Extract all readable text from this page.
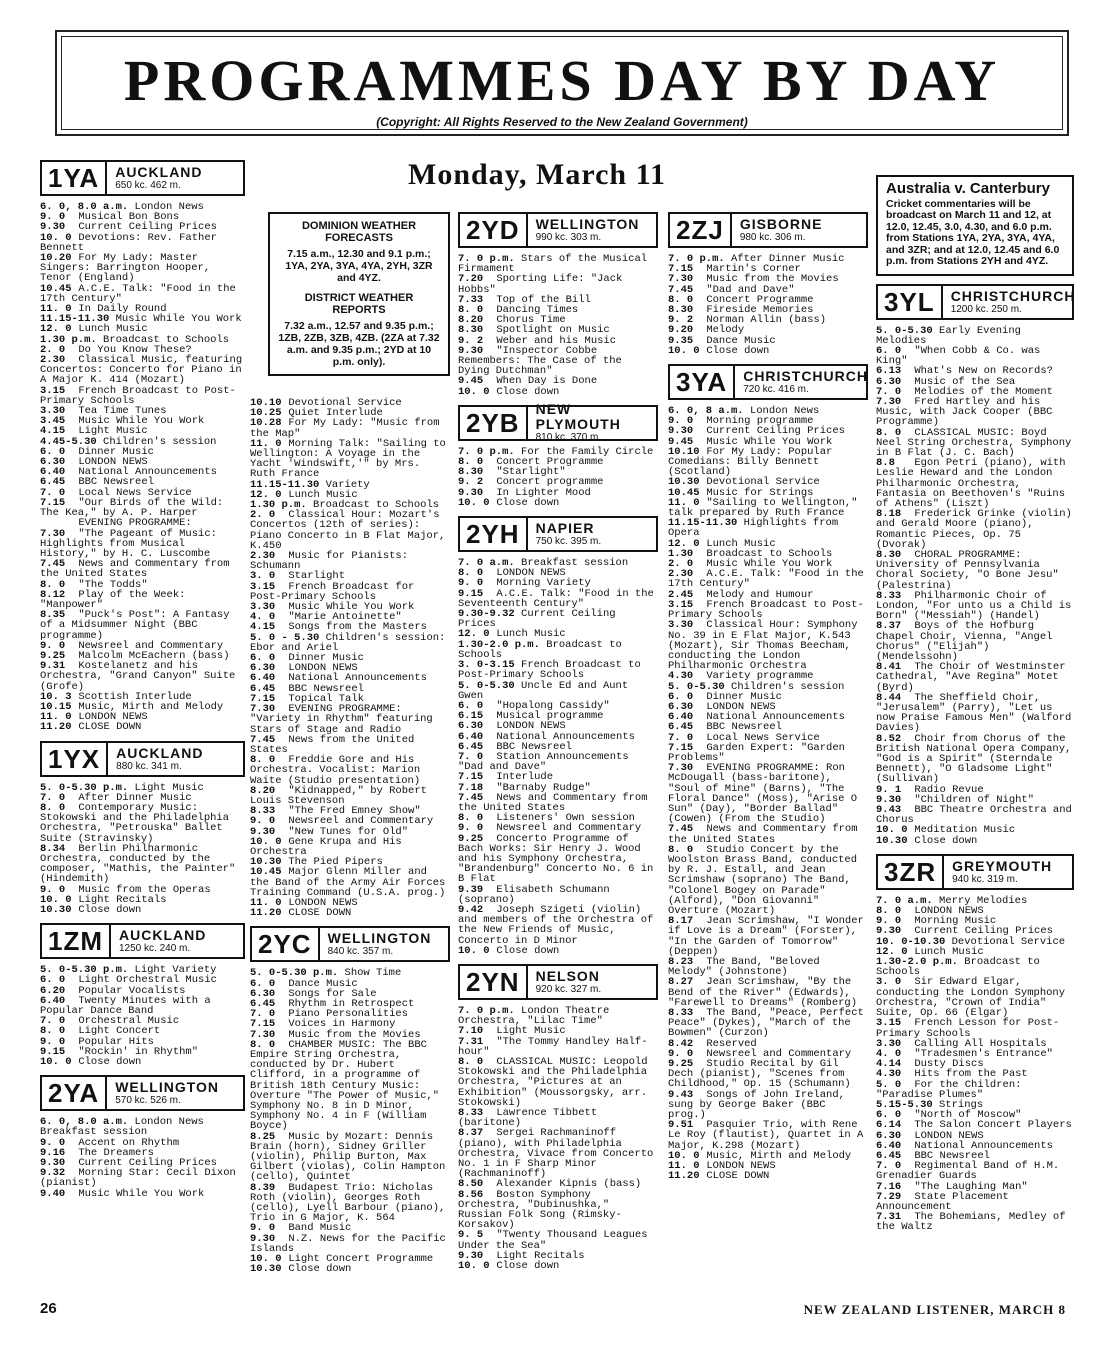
PROGRAMMES DAY BY DAY
(Copyright: All Rights Reserved to the New Zealand Government)
Monday, March 11
1YA	AUCKLAND
650 kc. 462 m.
6. 0, 8.0 a.m. London News
9. 0 Musical Bon Bons
9.30 Current Ceiling Prices
10. 0 Devotions: Rev. Father Bennett
10.20 For My Lady: Master Singers: Barrington Hooper, Tenor (England)
10.45 A.C.E. Talk: "Food in the 17th Century"
11. 0 In Daily Round
11.15-11.30 Music While You Work
12. 0 Lunch Music
1.30 p.m. Broadcast to Schools
2. 0 Do You Know These?
2.30 Classical Music, featuring Concertos: Concerto for Piano in A Major K. 414 (Mozart)
3.15 French Broadcast to Post-Primary Schools
3.30 Tea Time Tunes
3.45 Music While You Work
4.15 Light Music
4.45-5.30 Children's session
6. 0 Dinner Music
6.30 LONDON NEWS
6.40 National Announcements
6.45 BBC Newsreel
7. 0 Local News Service
7.15 "Our Birds of the Wild: The Kea," by A. P. Harper
EVENING PROGRAMME:
7.30 "The Pageant of Music: Highlights from Musical History," by H. C. Luscombe
7.45 News and Commentary from the United States
8. 0 "The Todds"
8.12 Play of the Week: "Manpower"
8.35 "Puck's Post": A Fantasy of a Midsummer Night (BBC programme)
9. 0 Newsreel and Commentary
9.25 Malcolm McEachern (bass)
9.31 Kostelanetz and his Orchestra, "Grand Canyon" Suite (Grofe)
10. 3 Scottish Interlude
10.15 Music, Mirth and Melody
11. 0 LONDON NEWS
11.20 CLOSE DOWN
1YX	AUCKLAND
880 kc. 341 m.
5. 0-5.30 p.m. Light Music
7. 0 After Dinner Music
8. 0 Contemporary Music: Stokowski and the Philadelphia Orchestra, "Petrouska" Ballet Suite (Stravinsky)
8.34 Berlin Philharmonic Orchestra, conducted by the composer, "Mathis, the Painter" (Hindemith)
9. 0 Music from the Operas
10. 0 Light Recitals
10.30 Close down
1ZM	AUCKLAND
1250 kc. 240 m.
5. 0-5.30 p.m. Light Variety
6. 0 Light Orchestral Music
6.20 Popular Vocalists
6.40 Twenty Minutes with a Popular Dance Band
7. 0 Orchestral Music
8. 0 Light Concert
9. 0 Popular Hits
9.15 "Rockin' in Rhythm"
10. 0 Close down
2YA	WELLINGTON
570 kc. 526 m.
6. 0, 8.0 a.m. London News Breakfast session
9. 0 Accent on Rhythm
9.16 The Dreamers
9.30 Current Ceiling Prices
9.32 Morning Star: Cecil Dixon (pianist)
9.40 Music While You Work
DOMINION WEATHER FORECASTS
7.15 a.m., 12.30 and 9.1 p.m.; 1YA, 2YA, 3YA, 4YA, 2YH, 3ZR and 4YZ.
DISTRICT WEATHER REPORTS
7.32 a.m., 12.57 and 9.35 p.m.; 1ZB, 2ZB, 3ZB, 4ZB. (2ZA at 7.32 a.m. and 9.35 p.m.; 2YD at 10 p.m. only).
10.10 Devotional Service
10.25 Quiet Interlude
10.28 For My Lady: "Music from the Map"
11. 0 Morning Talk: "Sailing to Wellington: A Voyage in the Yacht 'Windswift,'" by Mrs. Ruth France
11.15-11.30 Variety
12. 0 Lunch Music
1.30 p.m. Broadcast to Schools
2. 0 Classical Hour: Mozart's Concertos (12th of series): Piano Concerto in B Flat Major, K.450
2.30 Music for Pianists: Schumann
3. 0 Starlight
3.15 French Broadcast for Post-Primary Schools
3.30 Music While You Work
4. 0 "Marie Antoinette"
4.15 Songs from the Masters
5. 0 - 5.30 Children's session: Ebor and Ariel
6. 0 Dinner Music
6.30 LONDON NEWS
6.40 National Announcements
6.45 BBC Newsreel
7.15 Topical Talk
7.30 EVENING PROGRAMME: "Variety in Rhythm" featuring Stars of Stage and Radio
7.45 News from the United States
8. 0 Freddie Gore and His Orchestra. Vocalist: Marion Waite (Studio presentation)
8.20 "Kidnapped," by Robert Louis Stevenson
8.33 "The Fred Emney Show"
9. 0 Newsreel and Commentary
9.30 "New Tunes for Old"
10. 0 Gene Krupa and His Orchestra
10.30 The Pied Pipers
10.45 Major Glenn Miller and the Band of the Army Air Forces Training Command (U.S.A. prog.)
11. 0 LONDON NEWS
11.20 CLOSE DOWN
2YC	WELLINGTON
840 kc. 357 m.
5. 0-5.30 p.m. Show Time
6. 0 Dance Music
6.30 Songs for Sale
6.45 Rhythm in Retrospect
7. 0 Piano Personalities
7.15 Voices in Harmony
7.30 Music from the Movies
8. 0 CHAMBER MUSIC: The BBC Empire String Orchestra, conducted by Dr. Hubert Clifford, in a programme of British 18th Century Music: Overture "The Power of Music," Symphony No. 8 in D Minor, Symphony No. 4 in F (William Boyce)
8.25 Music by Mozart: Dennis Brain (horn), Sidney Griller (violin), Philip Burton, Max Gilbert (violas), Colin Hampton (cello), Quintet
8.39 Budapest Trio: Nicholas Roth (violin), Georges Roth (cello), Lyell Barbour (piano), Trio in G Major, K. 564
9. 0 Band Music
9.30 N.Z. News for the Pacific Islands
10. 0 Light Concert Programme
10.30 Close down
2YD	WELLINGTON
990 kc. 303 m.
7. 0 p.m. Stars of the Musical Firmament
7.20 Sporting Life: "Jack Hobbs"
7.33 Top of the Bill
8. 0 Dancing Times
8.20 Chorus Time
8.30 Spotlight on Music
9. 2 Weber and his Music
9.30 "Inspector Cobbe Remembers: The Case of the Dying Dutchman"
9.45 When Day is Done
10. 0 Close down
2YB	NEW PLYMOUTH
810 kc. 370 m.
7. 0 p.m. For the Family Circle
8. 0 Concert Programme
8.30 "Starlight"
9. 2 Concert programme
9.30 In Lighter Mood
10. 0 Close down
2YH	NAPIER
750 kc. 395 m.
7. 0 a.m. Breakfast session
8. 0 LONDON NEWS
9. 0 Morning Variety
9.15 A.C.E. Talk: "Food in the Seventeenth Century"
9.30-9.32 Current Ceiling Prices
12. 0 Lunch Music
1.30-2.0 p.m. Broadcast to Schools
3. 0-3.15 French Broadcast to Post-Primary Schools
5. 0-5.30 Uncle Ed and Aunt Gwen
6. 0 "Hopalong Cassidy"
6.15 Musical programme
6.30 LONDON NEWS
6.40 National Announcements
6.45 BBC Newsreel
7. 0 Station Announcements "Dad and Dave"
7.15 Interlude
7.18 "Barnaby Rudge"
7.45 News and Commentary from the United States
8. 0 Listeners' Own session
9. 0 Newsreel and Commentary
9.25 Concerto Programme of Bach Works: Sir Henry J. Wood and his Symphony Orchestra, "Brandenburg" Concerto No. 6 in B Flat
9.39 Elisabeth Schumann (soprano)
9.42 Joseph Szigeti (violin) and members of the Orchestra of the New Friends of Music, Concerto in D Minor
10. 0 Close down
2YN	NELSON
920 kc. 327 m.
7. 0 p.m. London Theatre Orchestra, "Lilac Time"
7.10 Light Music
7.31 "The Tommy Handley Half-hour"
8. 0 CLASSICAL MUSIC: Leopold Stokowski and the Philadelphia Orchestra, "Pictures at an Exhibition" (Moussorgsky, arr. Stokowski)
8.33 Lawrence Tibbett (baritone)
8.37 Sergei Rachmaninoff (piano), with Philadelphia Orchestra, Vivace from Concerto No. 1 in F Sharp Minor (Rachmaninoff)
8.50 Alexander Kipnis (bass)
8.56 Boston Symphony Orchestra, "Dubinushka," Russian Folk Song (Rimsky-Korsakov)
9. 5 "Twenty Thousand Leagues Under the Sea"
9.30 Light Recitals
10. 0 Close down
2ZJ	GISBORNE
980 kc. 306 m.
7. 0 p.m. After Dinner Music
7.15 Martin's Corner
7.30 Music from the Movies
7.45 "Dad and Dave"
8. 0 Concert Programme
8.30 Fireside Memories
9. 2 Norman Allin (bass)
9.20 Melody
9.35 Dance Music
10. 0 Close down
3YA	CHRISTCHURCH
720 kc. 416 m.
6. 0, 8 a.m. London News
9. 0 Morning programme
9.30 Current Ceiling Prices
9.45 Music While You Work
10.10 For My Lady: Popular Comedians: Billy Bennett (Scotland)
10.30 Devotional Service
10.45 Music for Strings
11. 0 "Sailing to Wellington," talk prepared by Ruth France
11.15-11.30 Highlights from Opera
12. 0 Lunch Music
1.30 Broadcast to Schools
2. 0 Music While You Work
2.30 A.C.E. Talk: "Food in the 17th Century"
2.45 Melody and Humour
3.15 French Broadcast to Post-Primary Schools
3.30 Classical Hour: Symphony No. 39 in E Flat Major, K.543 (Mozart), Sir Thomas Beecham, conducting the London Philharmonic Orchestra
4.30 Variety programme
5. 0-5.30 Children's session
6. 0 Dinner Music
6.30 LONDON NEWS
6.40 National Announcements
6.45 BBC Newsreel
7. 0 Local News Service
7.15 Garden Expert: "Garden Problems"
7.30 EVENING PROGRAMME: Ron McDougall (bass-baritone), "Soul of Mine" (Barns), "The Floral Dance" (Moss), "Arise O Sun" (Day), "Border Ballad" (Cowen) (From the Studio)
7.45 News and Commentary from the United States
8. 0 Studio Concert by the Woolston Brass Band, conducted by R. J. Estall, and Jean Scrimshaw (soprano) The Band, "Colonel Bogey on Parade" (Alford), "Don Giovanni" Overture (Mozart)
8.17 Jean Scrimshaw, "I Wonder if Love is a Dream" (Forster), "In the Garden of Tomorrow" (Deppen)
8.23 The Band, "Beloved Melody" (Johnstone)
8.27 Jean Scrimshaw, "By the Bend of the River" (Edwards), "Farewell to Dreams" (Romberg)
8.33 The Band, "Peace, Perfect Peace" (Dykes), "March of the Bowmen" (Curzon)
8.42 Reserved
9. 0 Newsreel and Commentary
9.25 Studio Recital by Gil Dech (pianist), "Scenes from Childhood," Op. 15 (Schumann)
9.43 Songs of John Ireland, sung by George Baker (BBC prog.)
9.51 Pasquier Trio, with Rene Le Roy (flautist), Quartet in A Major, K.298 (Mozart)
10. 0 Music, Mirth and Melody
11. 0 LONDON NEWS
11.20 CLOSE DOWN
Australia v. Canterbury
Cricket commentaries will be broadcast on March 11 and 12, at 12.0, 12.45, 3.0, 4.30, and 6.0 p.m. from Stations 1YA, 2YA, 3YA, 4YA, and 3ZR; and at 12.0, 12.45 and 6.0 p.m. from Stations 2YH and 4YZ.
3YL	CHRISTCHURCH
1200 kc. 250 m.
5. 0-5.30 Early Evening Melodies
6. 0 "When Cobb & Co. was King"
6.13 What's New on Records?
6.30 Music of the Sea
7. 0 Melodies of the Moment
7.30 Fred Hartley and his Music, with Jack Cooper (BBC Programme)
8. 0 CLASSICAL MUSIC: Boyd Neel String Orchestra, Symphony in B Flat (J. C. Bach)
8.8 Egon Petri (piano), with Leslie Heward and the London Philharmonic Orchestra, Fantasia on Beethoven's "Ruins of Athens" (Liszt)
8.18 Frederick Grinke (violin) and Gerald Moore (piano), Romantic Pieces, Op. 75 (Dvorak)
8.30 CHORAL PROGRAMME: University of Pennsylvania Choral Society, "O Bone Jesu" (Palestrina)
8.33 Philharmonic Choir of London, "For unto us a Child is Born" ("Messiah") (Handel)
8.37 Boys of the Hofburg Chapel Choir, Vienna, "Angel Chorus" ("Elijah") (Mendelssohn)
8.41 The Choir of Westminster Cathedral, "Ave Regina" Motet (Byrd)
8.44 The Sheffield Choir, "Jerusalem" (Parry), "Let us now Praise Famous Men" (Walford Davies)
8.52 Choir from Chorus of the British National Opera Company, "God is a Spirit" (Sterndale Bennett), "O Gladsome Light" (Sullivan)
9. 1 Radio Revue
9.30 "Children of Night"
9.43 BBC Theatre Orchestra and Chorus
10. 0 Meditation Music
10.30 Close down
3ZR	GREYMOUTH
940 kc. 319 m.
7. 0 a.m. Merry Melodies
8. 0 LONDON NEWS
9. 0 Morning Music
9.30 Current Ceiling Prices
10. 0-10.30 Devotional Service
12. 0 Lunch Music
1.30-2.0 p.m. Broadcast to Schools
3. 0 Sir Edward Elgar, conducting the London Symphony Orchestra, "Crown of India" Suite, Op. 66 (Elgar)
3.15 French Lesson for Post-Primary Schools
3.30 Calling All Hospitals
4. 0 "Tradesmen's Entrance"
4.14 Dusty Discs
4.30 Hits from the Past
5. 0 For the Children: "Paradise Plumes"
5.15-5.30 Strings
6. 0 "North of Moscow"
6.14 The Salon Concert Players
6.30 LONDON NEWS
6.40 National Announcements
6.45 BBC Newsreel
7. 0 Regimental Band of H.M. Grenadier Guards
7.16 "The Laughing Man"
7.29 State Placement Announcement
7.31 The Bohemians, Medley of the Waltz
26	NEW ZEALAND LISTENER, MARCH 8
